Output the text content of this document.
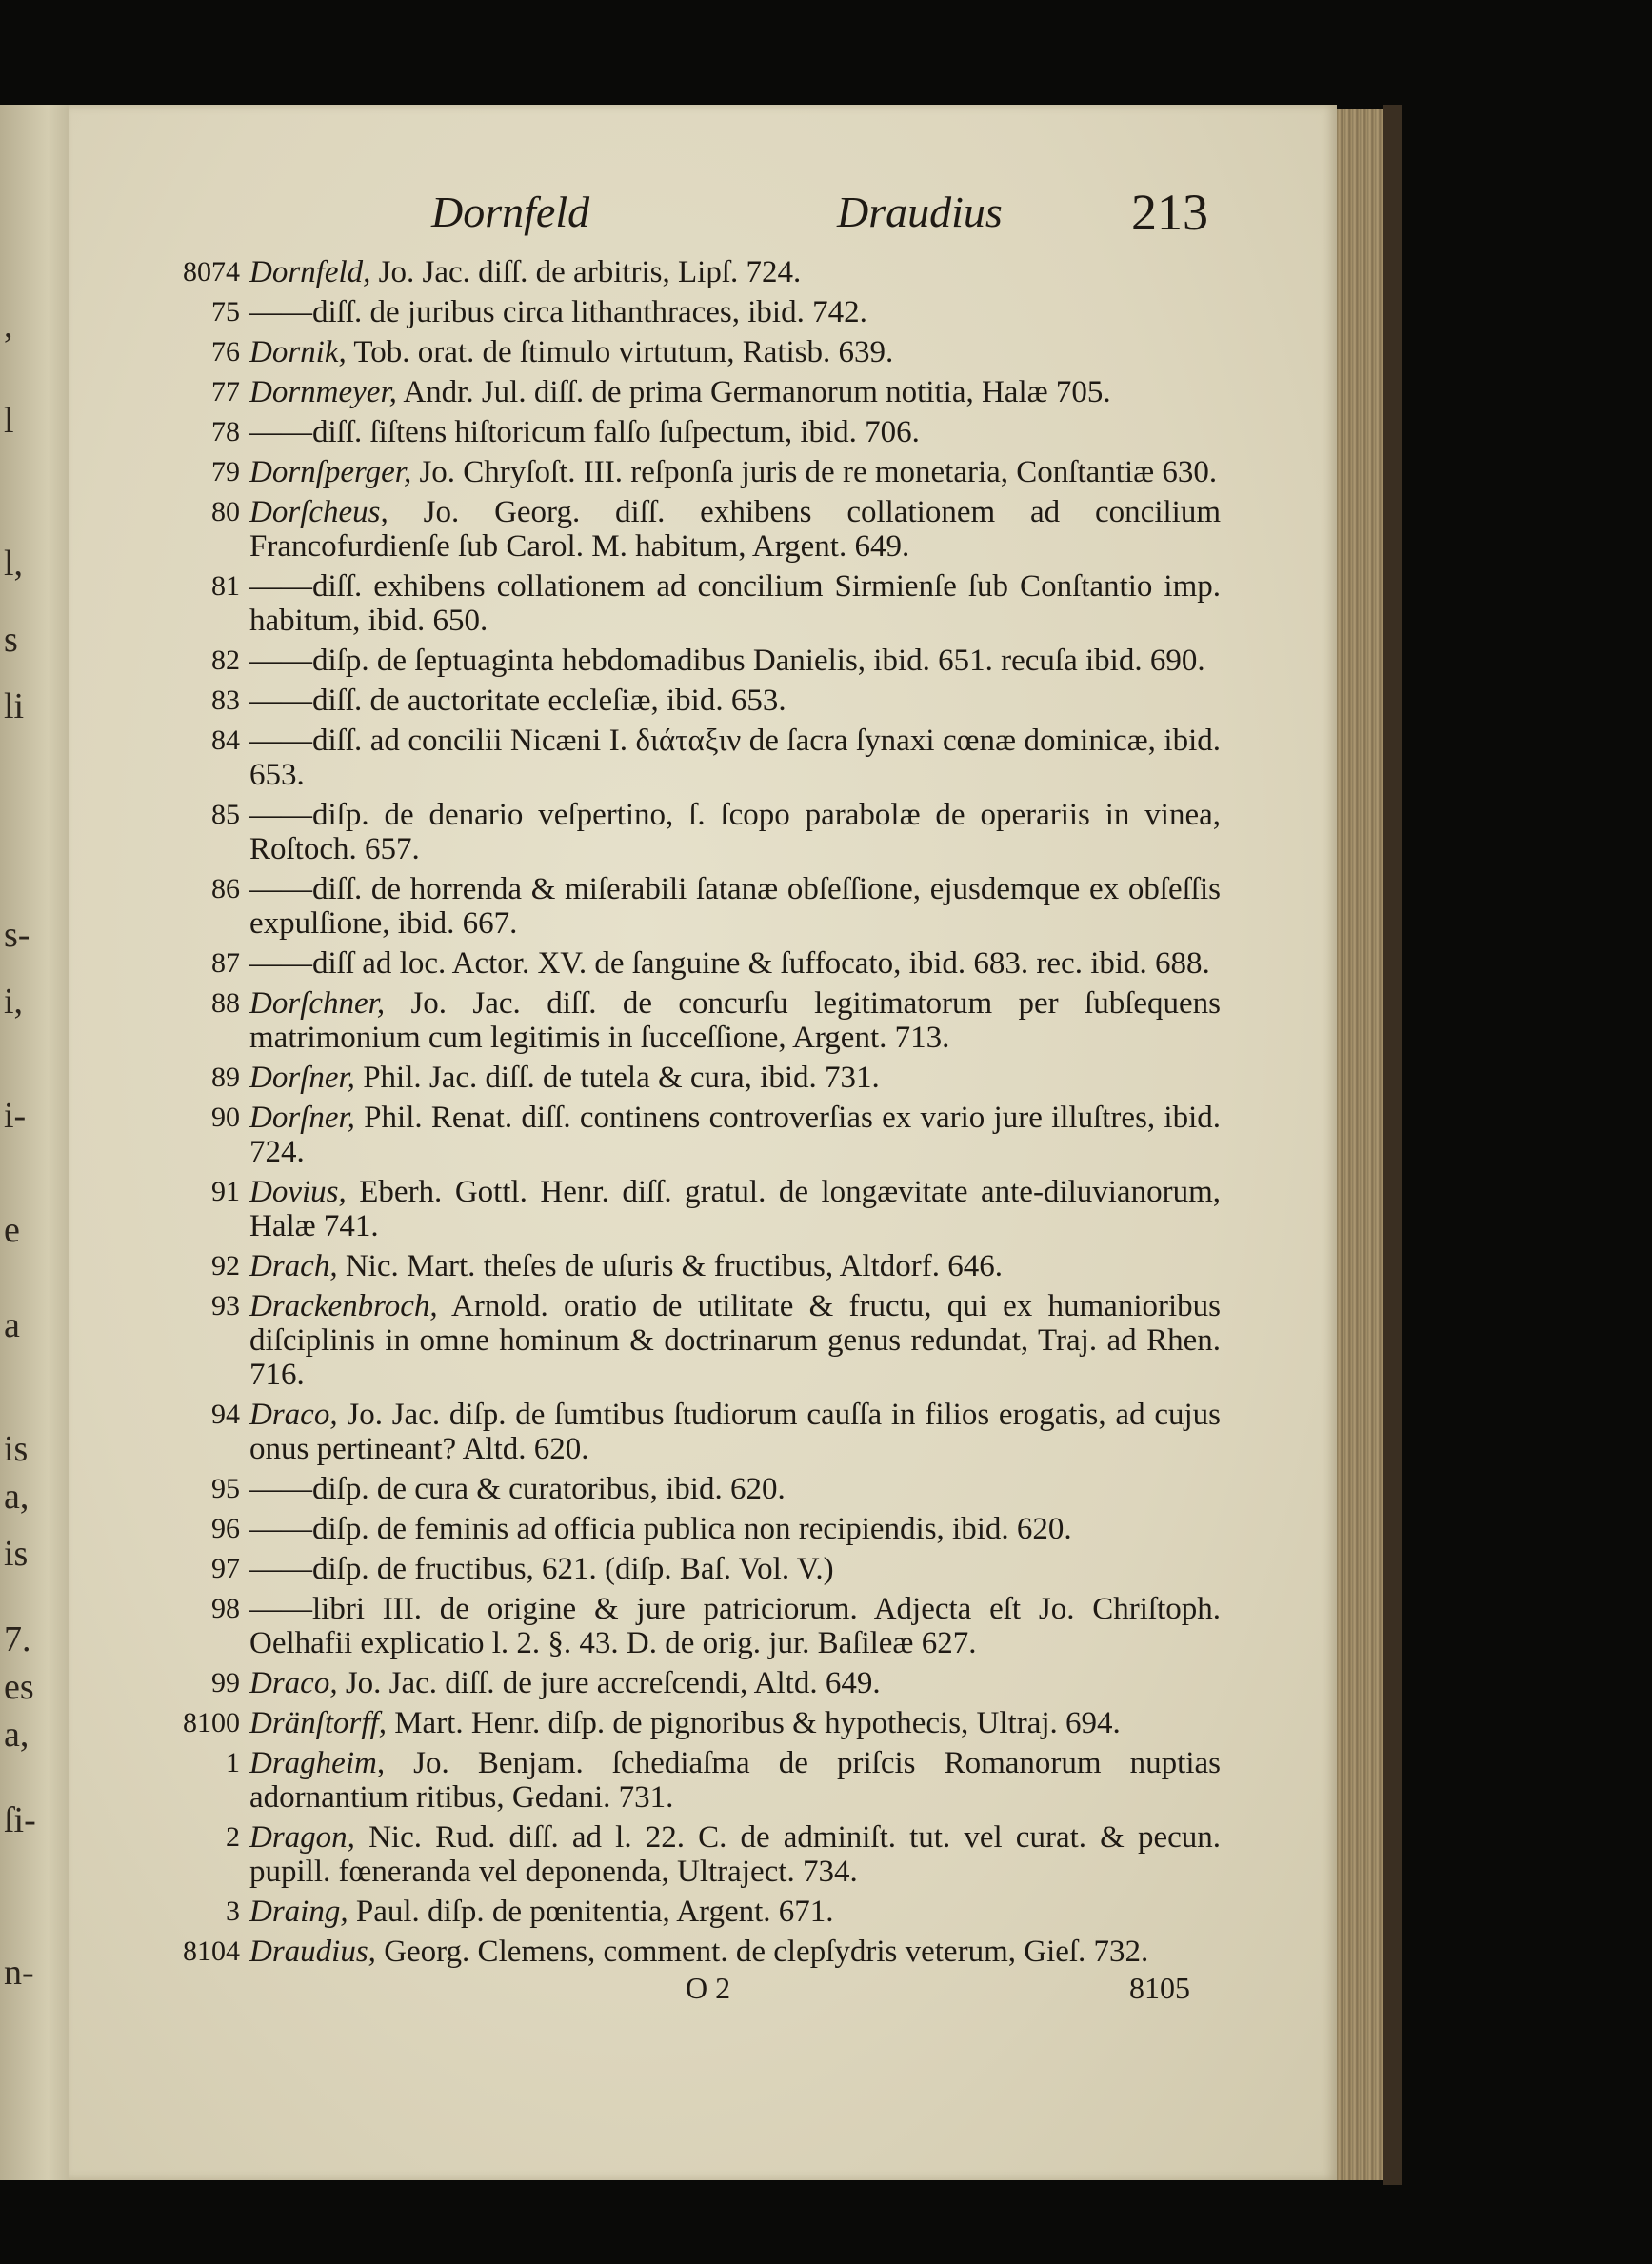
,
l
l,
s
li
s-
i,
i-
e
a
is
a,
is
7.
es
a,
ſi-
n-
Dornfeld	Draudius	213
8074 Dornfeld, Jo. Jac. diſſ. de arbitris, Lipſ. 724.
75 ——diſſ. de juribus circa lithanthraces, ibid. 742.
76 Dornik, Tob. orat. de ſtimulo virtutum, Ratisb. 639.
77 Dornmeyer, Andr. Jul. diſſ. de prima Germanorum notitia, Halæ 705.
78 ——diſſ. ſiſtens hiſtoricum falſo ſuſpectum, ibid. 706.
79 Dornſperger, Jo. Chryſoſt. III. reſponſa juris de re monetaria, Conſtantiæ 630.
80 Dorſcheus, Jo. Georg. diſſ. exhibens collationem ad concilium Francofurdienſe ſub Carol. M. habitum, Argent. 649.
81 ——diſſ. exhibens collationem ad concilium Sirmienſe ſub Conſtantio imp. habitum, ibid. 650.
82 ——diſp. de ſeptuaginta hebdomadibus Danielis, ibid. 651. recuſa ibid. 690.
83 ——diſſ. de auctoritate eccleſiæ, ibid. 653.
84 ——diſſ. ad concilii Nicæni I. διάταξιν de ſacra ſynaxi cœnæ dominicæ, ibid. 653.
85 ——diſp. de denario veſpertino, ſ. ſcopo parabolæ de operariis in vinea, Roſtoch. 657.
86 ——diſſ. de horrenda & miſerabili ſatanæ obſeſſione, ejusdemque ex obſeſſis expulſione, ibid. 667.
87 ——diſſ ad loc. Actor. XV. de ſanguine & ſuffocato, ibid. 683. rec. ibid. 688.
88 Dorſchner, Jo. Jac. diſſ. de concurſu legitimatorum per ſubſequens matrimonium cum legitimis in ſucceſſione, Argent. 713.
89 Dorſner, Phil. Jac. diſſ. de tutela & cura, ibid. 731.
90 Dorſner, Phil. Renat. diſſ. continens controverſias ex vario jure illuſtres, ibid. 724.
91 Dovius, Eberh. Gottl. Henr. diſſ. gratul. de longævitate ante-diluvianorum, Halæ 741.
92 Drach, Nic. Mart. theſes de uſuris & fructibus, Altdorf. 646.
93 Drackenbroch, Arnold. oratio de utilitate & fructu, qui ex humanioribus diſciplinis in omne hominum & doctrinarum genus redundat, Traj. ad Rhen. 716.
94 Draco, Jo. Jac. diſp. de ſumtibus ſtudiorum cauſſa in filios erogatis, ad cujus onus pertineant? Altd. 620.
95 ——diſp. de cura & curatoribus, ibid. 620.
96 ——diſp. de feminis ad officia publica non recipiendis, ibid. 620.
97 ——diſp. de fructibus, 621. (diſp. Baſ. Vol. V.)
98 ——libri III. de origine & jure patriciorum. Adjecta eſt Jo. Chriſtoph. Oelhafii explicatio l. 2. §. 43. D. de orig. jur. Baſileæ 627.
99 Draco, Jo. Jac. diſſ. de jure accreſcendi, Altd. 649.
8100 Dränſtorff, Mart. Henr. diſp. de pignoribus & hypothecis, Ultraj. 694.
1 Dragheim, Jo. Benjam. ſchediaſma de priſcis Romanorum nuptias adornantium ritibus, Gedani. 731.
2 Dragon, Nic. Rud. diſſ. ad l. 22. C. de adminiſt. tut. vel curat. & pecun. pupill. fœneranda vel deponenda, Ultraject. 734.
3 Draing, Paul. diſp. de pœnitentia, Argent. 671.
8104 Draudius, Georg. Clemens, comment. de clepſydris veterum, Gieſ. 732.
O 2	8105
